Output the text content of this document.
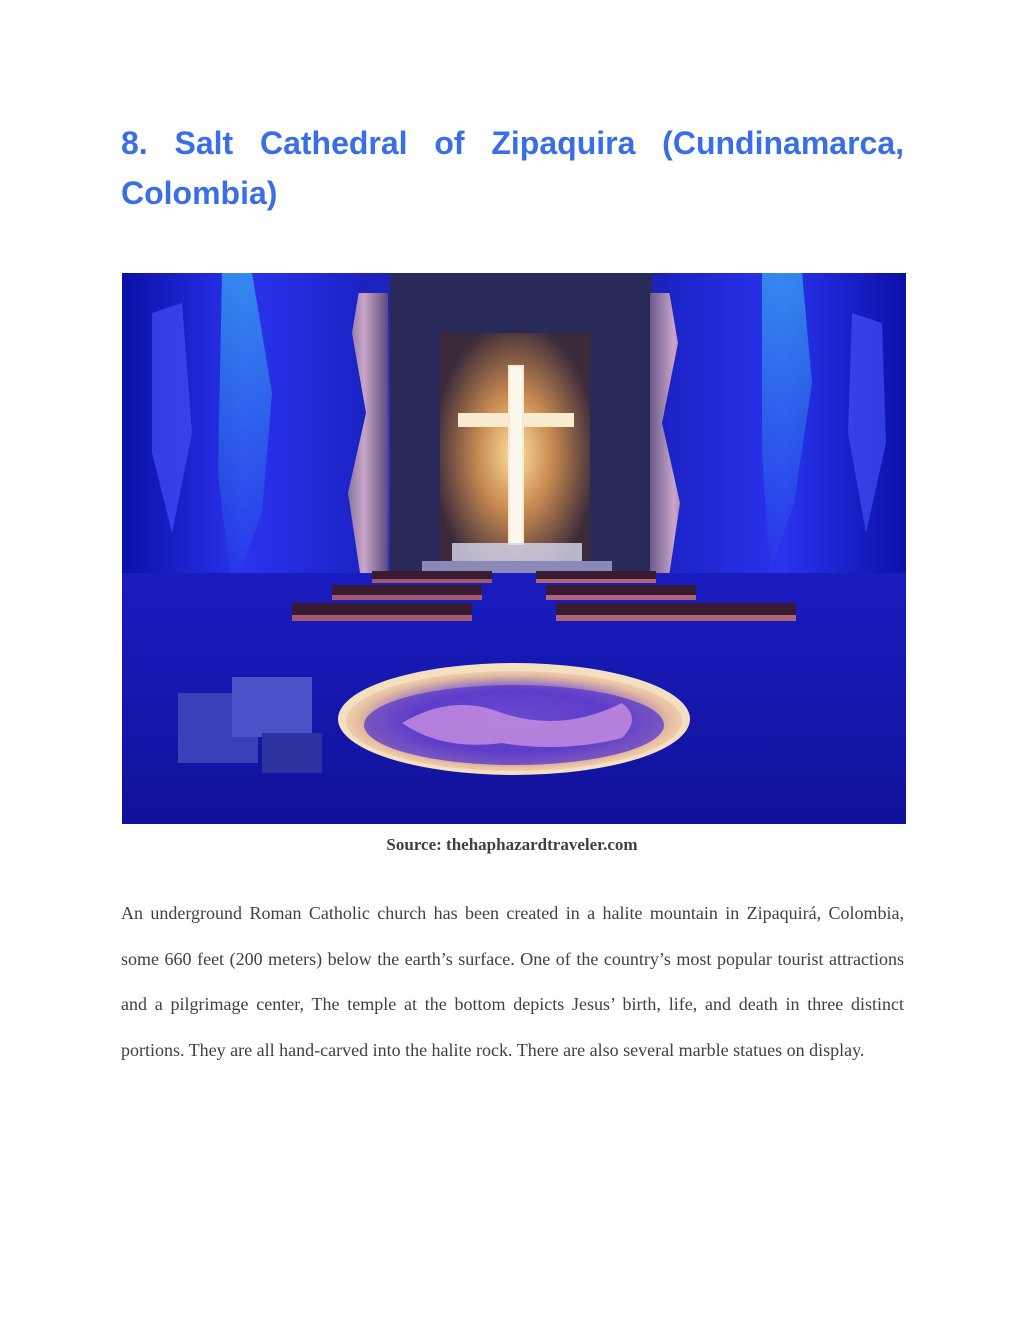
8. Salt Cathedral of Zipaquira (Cundinamarca, Colombia)
Source: thehaphazardtraveler.com

An underground Roman Catholic church has been created in a halite mountain in Zipaquirá, Colombia, some 660 feet (200 meters) below the earth’s surface. One of the country’s most popular tourist attractions and a pilgrimage center, The temple at the bottom depicts Jesus’ birth, life, and death in three distinct portions. They are all hand-carved into the halite rock. There are also several marble statues on display.
